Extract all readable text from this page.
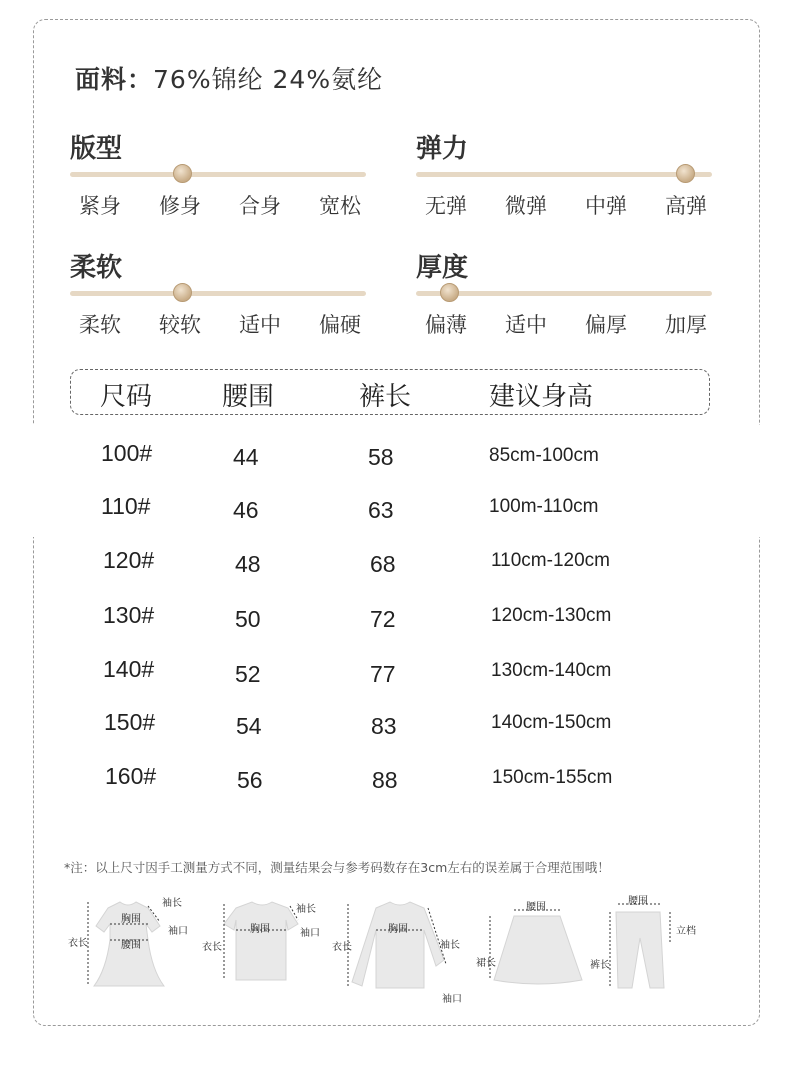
面料：76%锦纶 24%氨纶
版型
紧身	修身	合身	宽松
弹力
无弹	微弹	中弹	高弹
柔软
柔软	较软	适中	偏硬
厚度
偏薄	适中	偏厚	加厚
尺码	腰围	裤长	建议身高
100#	44	58	85cm-100cm
110#	46	63	100m-110cm
120#	48	68	110cm-120cm
130#	50	72	120cm-130cm
140#	52	77	130cm-140cm
150#	54	83	140cm-150cm
160#	56	88	150cm-155cm
*注：以上尺寸因手工测量方式不同，测量结果会与参考码数存在3cm左右的误差属于合理范围哦！
袖长
胸围
袖口
衣长	腰围
袖长
胸围	袖口
衣长
胸围
袖长
衣长
袖口
腰围
裙长
腰围
立档
裤长
